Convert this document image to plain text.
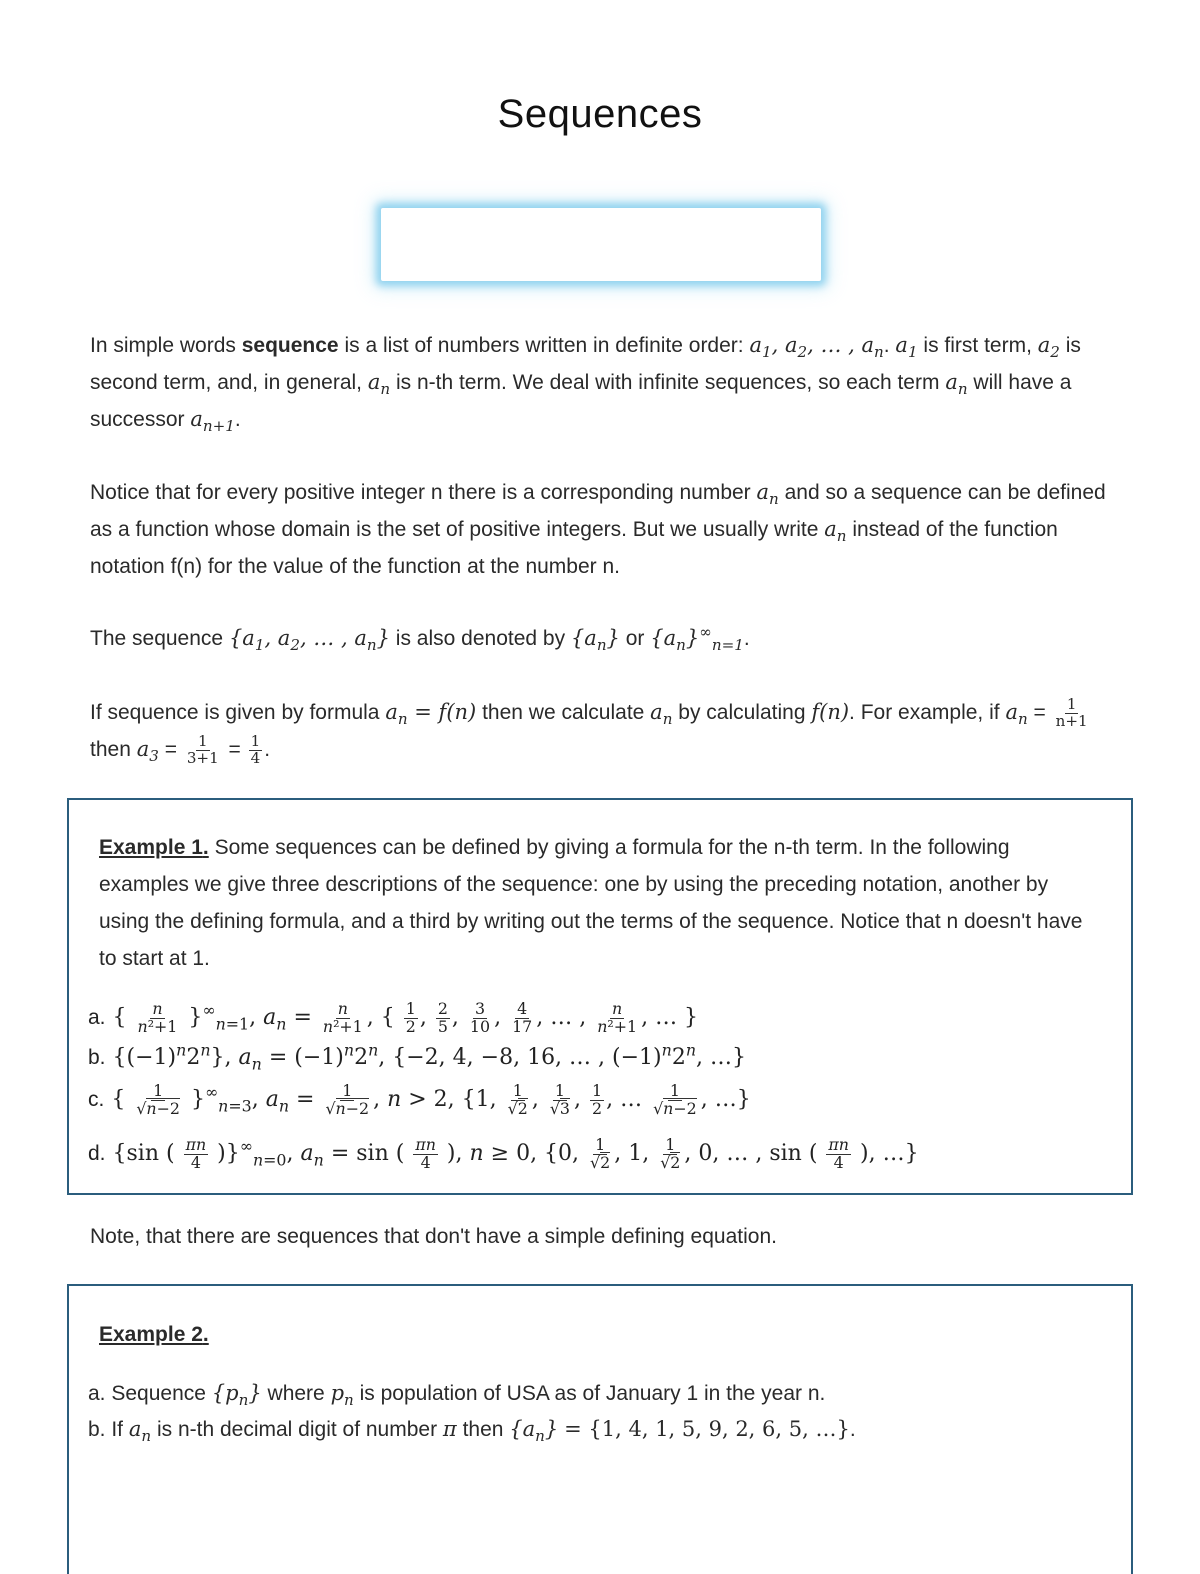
Sequences
In simple words sequence is a list of numbers written in definite order: $a_1$, $a_2$, … , $a_n$. $a_1$ is first term, $a_2$ is second term, and, in general, $a_n$ is n-th term. We deal with infinite sequences, so each term $a_n$ will have a successor $a_{n+1}$.
Notice that for every positive integer n there is a corresponding number $a_n$ and so a sequence can be defined as a function whose domain is the set of positive integers. But we usually write $a_n$ instead of the function notation f(n) for the value of the function at the number n.
The sequence {$a_1$, $a_2$, … , $a_n$} is also denoted by $\{a_n\}$ or $\{a_n\}^\infty_{n=1}$.
If sequence is given by formula $a_n = f(n)$ then we calculate $a_n$ by calculating f(n). For example, if $a_n = \frac{1}{n+1}$
then $a_3 = \frac{1}{3+1} = \frac{1}{4}$ .
Example 1. Some sequences can be defined by giving a formula for the n-th term. In the following examples we give three descriptions of the sequence: one by using the preceding notation, another by using the defining formula, and a third by writing out the terms of the sequence. Notice that n doesn't have to start at 1.
a. { $\frac{n}{\text{n²+1}} \}^\infty_{n=1}$, $a_n = \frac{n}{\text{n²+1}}$ , { $\frac{1}{2}$ , $\frac{2}{5}$ , $\frac{3}{10}$ , $\frac{4}{17}$ , … , $\frac{n}{\text{n²+1}}$ , … }
b. $\{(-1)^n2^n\}$, $a_n = (-1)^n2^n$, {−2, 4, −8, 16, … , $(-1)^n2^n$, …}
c. { $\frac{1}{√n-2} \}^\infty_{n=3}$, $a_n = \frac{1}{√n-2}$ , n > 2, {1, $\frac{1}{√2}$ , $\frac{1}{√3}$ , $\frac{1}{2}$ , … $\frac{1}{√n-2}$ , …}
d. {sin ( $\frac{\pi n}{4} )\}^\infty_{n=0}$, $a_n = \sin$ ( $\frac{\pi n}{4}$ ), n ≥ 0, {0, $\frac{1}{√2}$ , 1, $\frac{1}{√2}$ , 0, … , sin ( $\frac{\pi n}{4}$ ), …}
Note, that there are sequences that don't have a simple defining equation.
Example 2.
a. Sequence $\{p_n\}$ where $p_n$ is population of USA as of January 1 in the year n.
b. If $a_n$ is n-th decimal digit of number π then $\{a_n\} = \{1$, 4, 1, 5, 9, 2, 6, 5, …}.
